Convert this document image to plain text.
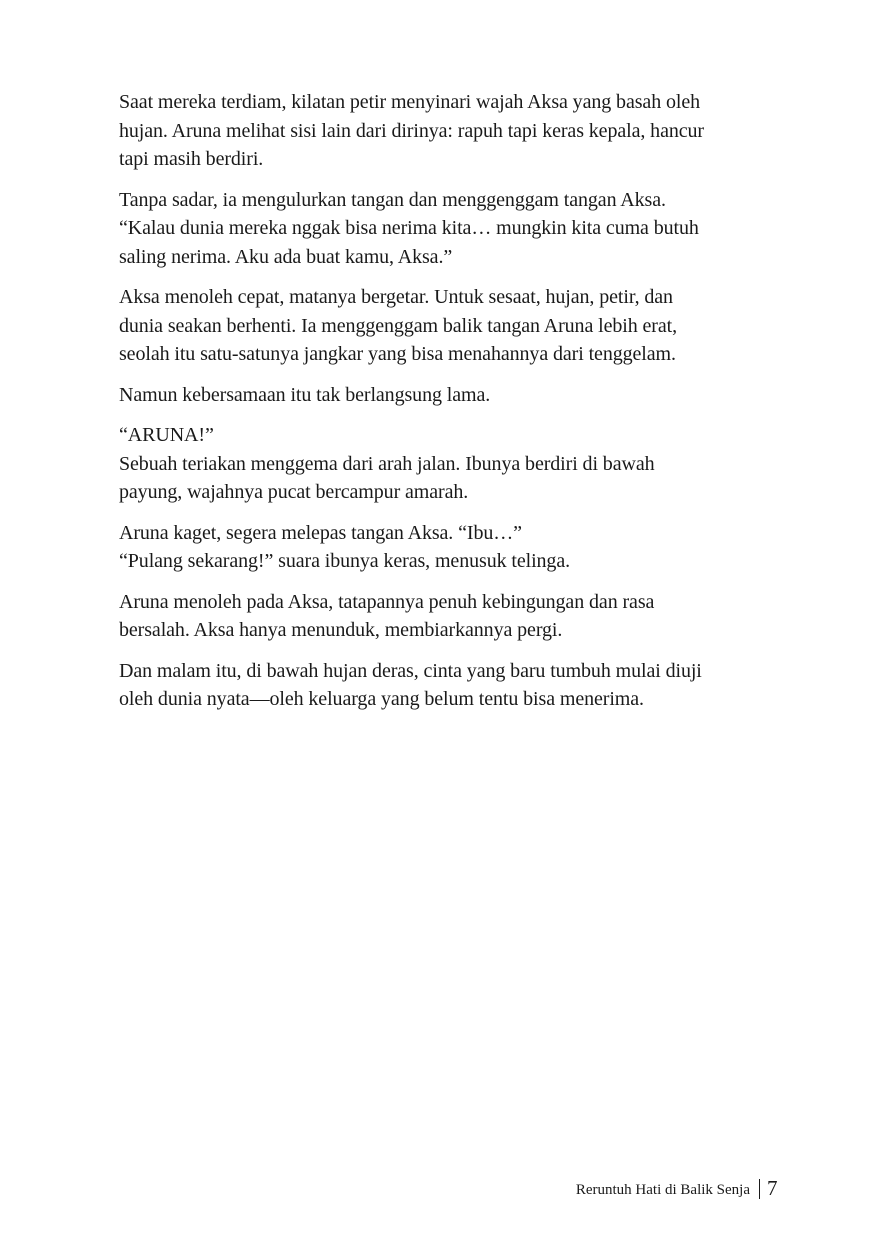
Saat mereka terdiam, kilatan petir menyinari wajah Aksa yang basah oleh
hujan. Aruna melihat sisi lain dari dirinya: rapuh tapi keras kepala, hancur
tapi masih berdiri.

Tanpa sadar, ia mengulurkan tangan dan menggenggam tangan Aksa.
“Kalau dunia mereka nggak bisa nerima kita… mungkin kita cuma butuh
saling nerima. Aku ada buat kamu, Aksa.”

Aksa menoleh cepat, matanya bergetar. Untuk sesaat, hujan, petir, dan
dunia seakan berhenti. Ia menggenggam balik tangan Aruna lebih erat,
seolah itu satu-satunya jangkar yang bisa menahannya dari tenggelam.

Namun kebersamaan itu tak berlangsung lama.

“ARUNA!”
Sebuah teriakan menggema dari arah jalan. Ibunya berdiri di bawah
payung, wajahnya pucat bercampur amarah.

Aruna kaget, segera melepas tangan Aksa. “Ibu…”
“Pulang sekarang!” suara ibunya keras, menusuk telinga.

Aruna menoleh pada Aksa, tatapannya penuh kebingungan dan rasa
bersalah. Aksa hanya menunduk, membiarkannya pergi.

Dan malam itu, di bawah hujan deras, cinta yang baru tumbuh mulai diuji
oleh dunia nyata—oleh keluarga yang belum tentu bisa menerima.

Reruntuh Hati di Balik Senja 7
